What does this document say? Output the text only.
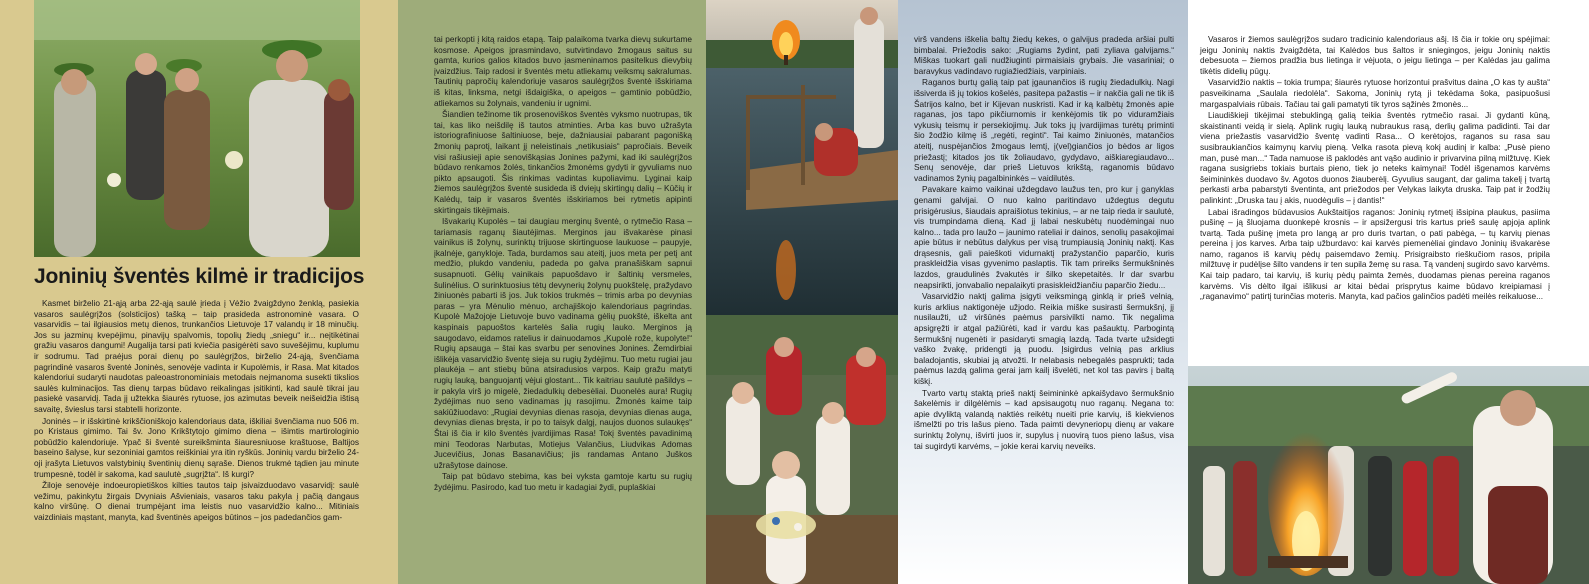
Joninių šventės kilmė ir tradicijos

Kasmet birželio 21-ąją arba 22-ąją saulė įrieda į Vėžio žvaigždyno ženklą, pasiekia vasaros saulėgrįžos (solsticijos) tašką – taip prasideda astronominė vasara. O vasarvidis – tai ilgiausios metų dienos, trunkančios Lietuvoje 17 valandų ir 18 minučių. Jos su jazminų kvepėjimu, pinavijų spalvomis, topolių žiedų „sniegu“ ir... neįtikėtinai gražiu vasaros dangumi! Augalija tarsi pati kviečia pasigėrėti savo suvešėjimu, kuplumu ir sodrumu. Tad praėjus porai dienų po saulėgrįžos, birželio 24-ąją, švenčiama pagrindinė vasaros šventė Joninės, senovėje vadinta ir Kupolėmis, ir Rasa. Mat kitados kalendoriui sudaryti naudotas paleoastronominiais metodais nejmanoma susekti tikslios saulės kulminacijos. Tas dienų tarpas būdavo reikalingas įsitikinti, kad saulė tikrai jau pasiekė vasarvidį. Tada jį užtekka šiaurės rytuose, jos azimutas beveik neišeidžia ištisą savaitę, švieslus tarsi stabtelli horizonte.

Joninės – ir išskirtinė krikščioniškojo kalendoriaus data, iškiliai švenčiama nuo 506 m. po Kristaus gimimo. Tai šv. Jono Krikštytojo gimimo diena – išimtis martirologinio pobūdžio kalendoriuje. Ypač ši šventė sureikšminta šiauresniuose kraštuose, Baltijos baseino šalyse, kur sezoniniai gamtos reiškiniai yra itin ryškūs. Joninių vardu birželio 24-oji įrašyta Lietuvos valstybinių šventinių dienų sąraše. Dienos trukmė tądien jau minute trumpesnė, todėl ir sakoma, kad saulutė „sugrįžta“. Iš kurgi?

Žiloje senovėje indoeuropietiškos kilties tautos taip įsivaizduodavo vasarvidį: saulė vežimu, pakinkytu žirgais Dvyniais Ašvieniais, vasaros taku pakyla į pačią dangaus kalno viršūnę. O dienai trumpėjant ima leistis nuo vasarvidžio kalno... Mitiniais vaizdiniais mąstant, manyta, kad šventinės apeigos būtinos – jos padedančios gam-

tai perkopti į kitą raidos etapą. Taip palaikoma tvarka dievų sukurtame kosmose. Apeigos įprasmindavo, sutvirtindavo žmogaus saitus su gamta, kurios galios kitados buvo įasmeninamos pasitelkus dievybių įvaizdžius. Taip radosi ir šventės metu atliekamų veiksmų sakralumas. Tautinių papročių kalendoriuje vasaros saulėgrįžos šventė išskiriama iš kitas, linksma, netgi išdaigiška, o apeigos – gamtinio pobūdžio, atliekamos su žolynais, vandeniu ir ugnimi.

Šiandien težinome tik prosenoviškos šventės vyksmo nuotrupas, tik tai, kas liko neišdilę iš tautos atminties. Arba kas buvo užrašyta istoriografiniuose šaltiniuose, beje, dažniausiai pabarant pagonišką žmonių paprotį, laikant jį neleistinais „netikusiais“ papročiais. Beveik visi rašiusieji apie senoviškąsias Jonines pažymi, kad iki saulėgrįžos būdavo renkamos žolės, tinkančios žmonėms gydyti ir gyvuliams nuo pikto apsaugoti. Šis rinkimas vadintas kupoliavimu. Lyginai kaip žiemos saulėgrįžos šventė susideda iš dviejų skirtingų dalių – Kūčių ir Kalėdų, taip ir vasaros šventės išskiriamos bei rytmetis apipinti skirtingais tikėjimais.

Išvakarių Kupolės – tai daugiau merginų šventė, o rytmečio Rasa – tariamasis raganų šiautėjimas. Merginos jau išvakarėse pinasi vainikus iš žolynų, surinktų trijuose skirtinguose laukuose – paupyje, įkalnėje, ganykloje. Tada, burdamos sau ateitį, juos meta per petį ant medžio, plukdo vandeniu, padeda po galva pranašiškam sapnui susapnuoti. Gėlių vainikais papuošdavo ir šaltinių versmeles, šulinėlius. O surinktuosius tėtų devynerių žolynų puokštelę, pražydavo žiniuonės pabarti iš jos. Juk tokios trukmės – trimis arba po devynias paras – yra Mėnulio mėnuo, archajiškojo kalendoriaus pagrindas. Kupolė Mažojoje Lietuvoje buvo vadinama gėlių puokštė, iškelta ant kaspinais papuoštos kartelės šalia rugių lauko. Merginos ją saugodavo, eidamos ratelius ir dainuodamos „Kupolė rože, kupolyte!“ Rugių apsauga – štai kas svarbu per senovines Jonines. Žemdirbiai išlikėja vasarvidžio šventę sieja su rugių žydėjimu. Tuo metu rugiai jau plaukėja – ant stiebų būna atsiradusios varpos. Kaip gražu matyti rugių lauką, banguojantį vėjui glostant... Tik kaitriau saulutė pašildys – ir pakyla virš jo migelė, žiedadulkių debesėliai. Duonelės aura! Rugių žydėjimas nuo seno vadinamas jų rasojimu. Žmonės kaime taip sakiūžiuodavo: „Rugiai devynias dienas rasoja, devynias dienas auga, devynias dienas bręsta, ir po to taisyk dalgį, naujos duonos sulaukęs“ Štai iš čia ir kilo šventės įvardijimas Rasa! Tokį šventės pavadinimą mini Teodoras Narbutas, Motiejus Valančius, Liudvikas Adomas Jucevičius, Jonas Basanavičius; jis randamas Antano Juškos užrašytose dainose.

Taip pat būdavo stebima, kas bei vyksta gamtoje kartu su rugių žydėjimu. Pasirodo, kad tuo metu ir kadagiai žydi, puplaškiai

virš vandens iškelia baltų žiedų kekes, o galvijus pradeda aršiai pulti bimbalai. Priežodis sako: „Rugiams žydint, pati zyliava galvijams.“ Miškas tuokart gali nudžiuginti pirmaisiais grybais. Jie vasariniai; o baravykus vadindavo rugiažiedžiais, varpiniais.

Raganos burtų galią taip pat įgaunančios iš rugių žiedadulkių. Nagi išsiverda iš jų tokios košelės, pasitepa pažastis – ir nakčia gali ne tik iš Šatrijos kalno, bet ir Kijevan nuskristi. Kad ir ką kalbėtų žmonės apie raganas, jos tapo pikčiurnomis ir kenkėjomis tik po viduramžiais vykusių teismų ir persekiojimų. Juk toks jų įvardijimas turėtų priminti šio žodžio kilmę iš „regėti, reginti“. Tai kaimo žiniuonės, matančios ateitį, nuspėjančios žmogaus lemtį, į(vel)giančios jo bėdos ar ligos priežastį; kitados jos tik žoliaudavo, gydydavo, aiškiaregiaudavo... Senų senovėje, dar prieš Lietuvos krikštą, raganomis būdavo vadinamos žynių pagalbininkės – vaidilutės.

Pavakare kaimo vaikinai uždegdavo laužus ten, pro kur į ganyklas genami galvijai. O nuo kalno paritindavo uždegtus degutu prisigėrusius, šiaudais apraišiotus tekinius, – ar ne taip rieda ir saulutė, vis trumpindama dieną. Kad jį labai neskubėtų nuodėmingai nuo kalno... tada pro laužo – jaunimo rateliai ir dainos, senolių pasakojimai apie būtus ir nebūtus dalykus per visą trumpiausią Joninių naktį. Kas drąsesnis, gali paieškoti vidurnaktį pražystančio paparčio, kuris praskleidžia visas gyvenimo paslaptis. Tik tam prireiks šermukšninės lazdos, graudulinės žvakutės ir šilko skepetaitės. Ir dar svarbu neapsirikti, jonvabalio nepalaikyti prasiskleidžiančiu paparčio žiedu...

Vasarvidžio naktį galima įsigyti veiksmingą ginklą ir prieš velnią, kuris arklius naktigonėje užjodo. Reikia miške susirasti šermukšnį, jį nusilaužti, už viršūnės paėmus parsivilkti namo. Tik negalima apsigręžti ir atgal pažiūrėti, kad ir vardu kas pašauktų. Parbogintą šermukšnį nugenėti ir pasidaryti smagią lazdą. Tada tvarte užsidegti vaško žvakę, pridengti ją puodu. Įsigirdus velnią pas arklius baladojantis, skubiai ją atvožti. Ir nelabasis nebegalės pasprukti; tada paėmus lazdą galima gerai jam kailį išvelėti, net kol tas pavirs į baltą kiškį.

Tvarto vartų staktą prieš naktį šeimininkė apkaišydavo šermukšnio šakelėmis ir dilgėlėmis – kad apsisaugotų nuo raganų. Negana to: apie dvyliktą valandą naktiės reikėtų nueiti prie karvių, iš kiekvienos išmelžti po tris lašus pieno. Tada paimti devynerioрų dienų ar vakare surinktų žolynų, išvirti juos ir, supylus į nuovirą tuos pieno lašus, visa tai sugirdyti karvėms, – jokie kerai karvių neveiks.

Vasaros ir žiemos saulėgrįžos sudaro tradicinio kalendoriaus ašį. Iš čia ir tokie orų spėjimai: jeigu Joninių naktis žvaigždėta, tai Kalėdos bus šaltos ir sniegingos, jeigu Joninių naktis debesuota – žiemos pradžia bus lietinga ir vėjuota, o jeigu lietinga – per Kalėdas jau galima tikėtis didelių pūgų.

Vasarvidžio naktis – tokia trumpa; šiaurės rytuose horizontui prašvitus daina „O kas ty aušta“ pasveikinama „Saulala riedolėla“. Sakoma, Joninių rytą ji tekėdama šoka, pasipuošusi margaspalviais rūbais. Tačiau tai gali pamatyti tik tyros sąžinės žmonės...

Liaudiškieji tikėjimai stebuklingą galią teikia šventės rytmečio rasai. Ji gydanti kūną, skaistinanti veidą ir sielą. Aplink rugių lauką nubraukus rasą, derlių galima padidinti. Tai dar viena priežastis vasarvidžio šventę vadinti Rasa... O kerėtojos, raganos su rasa sau susibraukiančios kaimynų karvių pieną. Velka rasota pievą kokį audinį ir kalba: „Pusė pieno man, pusė man...“ Tada namuose iš paklodės ant vąšo audinio ir privarvina pilną milžtuvę. Kiek ragana susigriebs tokiais burtais pieno, tiek jo neteks kaimynai! Todėl išgenamos karvėms šeimininkės duodavo šv. Agotos duonos žiauberėlį. Gyvulius saugant, dar galima takelį į tvartą perkasti arba pabarstyti šventinta, ant priežodos per Velykas laikyta druska. Taip pat ir žodžių palinkint: „Druska tau į akis, nuodėgulis – į dantis!“

Labai išradingos būdavusios Aukštaitijos raganos: Joninių rytmetį išsipina plaukus, pasiima pušinę – ją šluojama duonkepė krosnis – ir apsižergusi tris kartus prieš saulę apjoja aplink tvartą. Tada pušinę įmeta pro langą ar pro duris tvartan, o pati pabėga, – tų karvių pienas pereina į jos karves. Arba taip užburdavo: kai karvės piemenėliai gindavo Joninių išvakarėse namo, raganos iš karvių pėdų paisemdavo žemių. Prisigraibsto rieškučiom rasos, pripila milžtuvę ir pudėlįse šilto vandens ir ten supila žemę su rasa. Tą vandenį sugirdo savo karvėms. Kai taip padaro, tai karvių, iš kurių pėdų paimta žemės, duodamas pienas pereina raganos karvėms. Vis dėlto ilgai išlikusi ar kitai bėdai prisprytus kaime būdavo kreipiamasi į „raganavimo“ patirtį turinčias moteris. Manyta, kad pačios galinčios padėti meilės reikaluose...
